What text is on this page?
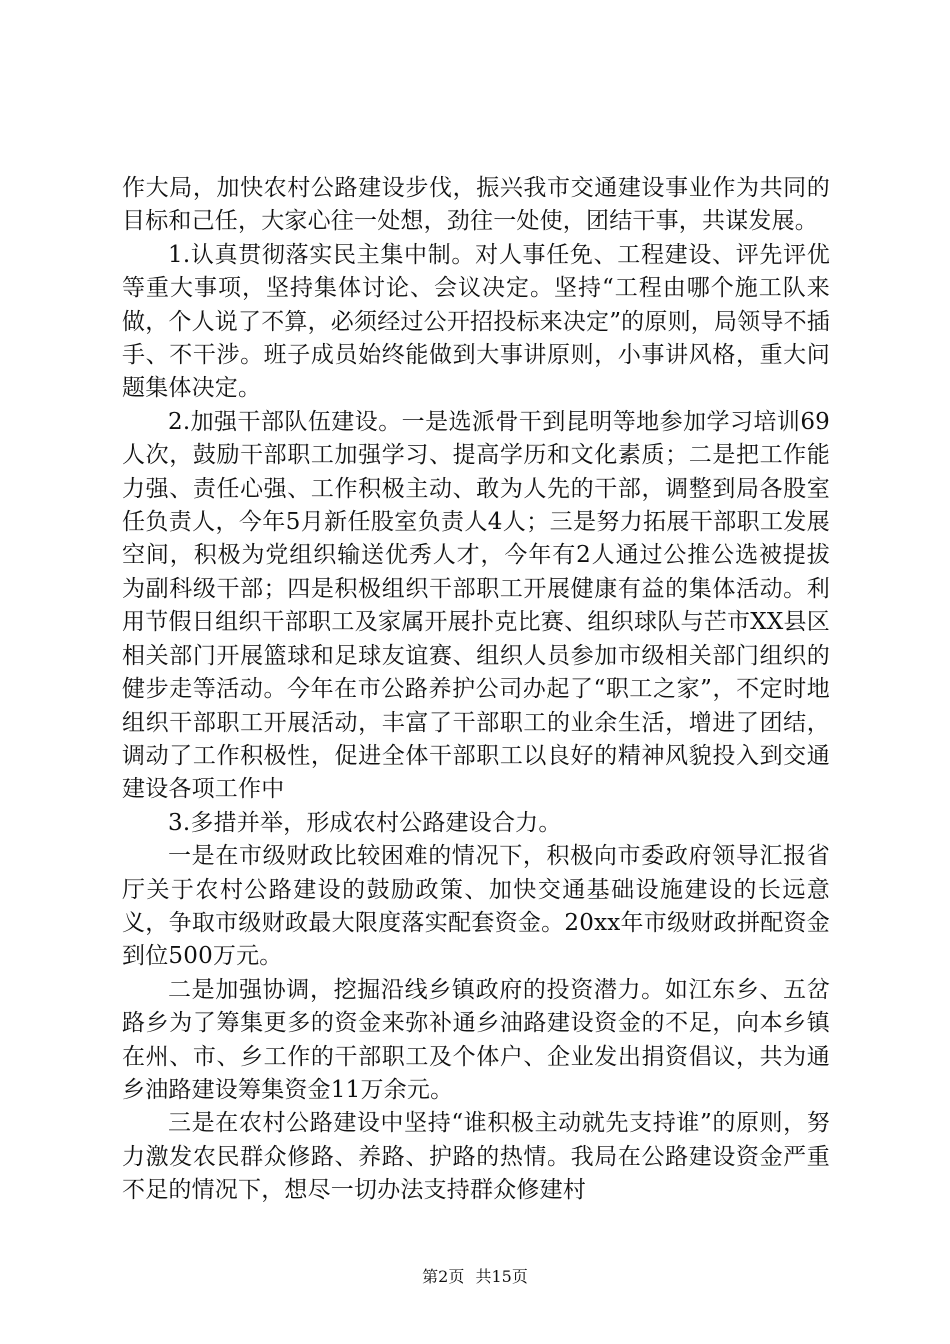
作大局，加快农村公路建设步伐，振兴我市交通建设事业作为共同的目标和己任，大家心往一处想，劲往一处使，团结干事，共谋发展。

1.认真贯彻落实民主集中制。对人事任免、工程建设、评先评优等重大事项，坚持集体讨论、会议决定。坚持“工程由哪个施工队来做，个人说了不算，必须经过公开招投标来决定”的原则，局领导不插手、不干涉。班子成员始终能做到大事讲原则，小事讲风格，重大问题集体决定。

2.加强干部队伍建设。一是选派骨干到昆明等地参加学习培训69人次，鼓励干部职工加强学习、提高学历和文化素质；二是把工作能力强、责任心强、工作积极主动、敢为人先的干部，调整到局各股室任负责人，今年5月新任股室负责人4人；三是努力拓展干部职工发展空间，积极为党组织输送优秀人才，今年有2人通过公推公选被提拔为副科级干部；四是积极组织干部职工开展健康有益的集体活动。利用节假日组织干部职工及家属开展扑克比赛、组织球队与芒市XX县区相关部门开展篮球和足球友谊赛、组织人员参加市级相关部门组织的健步走等活动。今年在市公路养护公司办起了“职工之家”，不定时地组织干部职工开展活动，丰富了干部职工的业余生活，增进了团结，调动了工作积极性，促进全体干部职工以良好的精神风貌投入到交通建设各项工作中

3.多措并举，形成农村公路建设合力。

一是在市级财政比较困难的情况下，积极向市委政府领导汇报省厅关于农村公路建设的鼓励政策、加快交通基础设施建设的长远意义，争取市级财政最大限度落实配套资金。20xx年市级财政拼配资金到位500万元。

二是加强协调，挖掘沿线乡镇政府的投资潜力。如江东乡、五岔路乡为了筹集更多的资金来弥补通乡油路建设资金的不足，向本乡镇在州、市、乡工作的干部职工及个体户、企业发出捐资倡议，共为通乡油路建设筹集资金11万余元。

三是在农村公路建设中坚持“谁积极主动就先支持谁”的原则，努力激发农民群众修路、养路、护路的热情。我局在公路建设资金严重不足的情况下，想尽一切办法支持群众修建村

第2页 共15页
